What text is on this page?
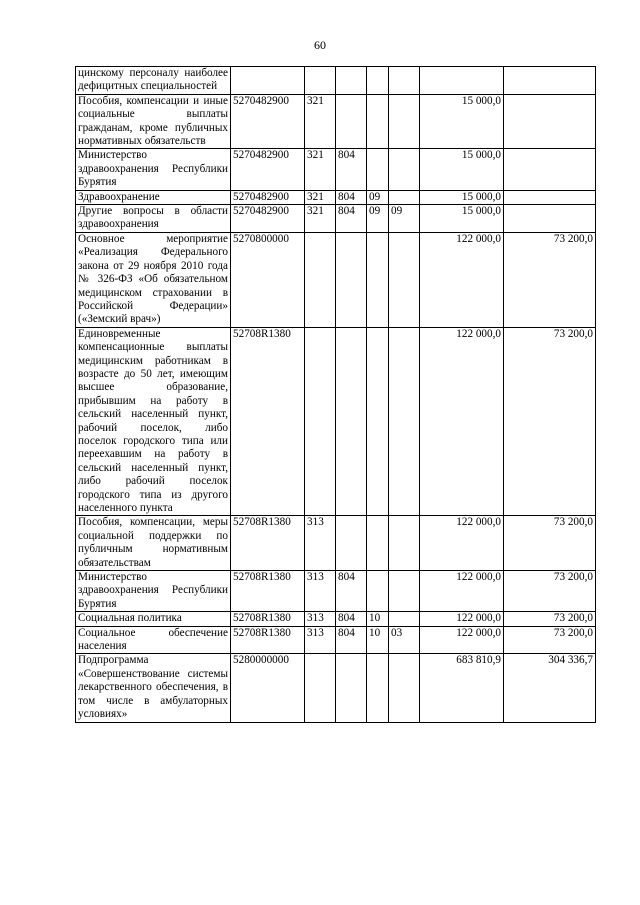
60
цинскому персоналу наиболее дефицитных специальностей							
Пособия, компенсации и иные социальные выплаты гражданам, кроме публичных нормативных обязательств	5270482900	321				15 000,0	
Министерство здравоохранения Республики Бурятия	5270482900	321	804			15 000,0	
Здравоохранение	5270482900	321	804	09		15 000,0	
Другие вопросы в области здравоохранения	5270482900	321	804	09	09	15 000,0	
Основное мероприятие «Реализация Федерального закона от 29 ноября 2010 года № 326-ФЗ «Об обязательном медицинском страховании в Российской Федерации» («Земский врач»)	5270800000					122 000,0	73 200,0
Единовременные компенсационные выплаты медицинским работникам в возрасте до 50 лет, имеющим высшее образование, прибывшим на работу в сельский населенный пункт, рабочий поселок, либо поселок городского типа или переехавшим на работу в сельский населенный пункт, либо рабочий поселок городского типа из другого населенного пункта	52708R1380					122 000,0	73 200,0
Пособия, компенсации, меры социальной поддержки по публичным нормативным обязательствам	52708R1380	313				122 000,0	73 200,0
Министерство здравоохранения Республики Бурятия	52708R1380	313	804			122 000,0	73 200,0
Социальная политика	52708R1380	313	804	10		122 000,0	73 200,0
Социальное обеспечение населения	52708R1380	313	804	10	03	122 000,0	73 200,0
Подпрограмма «Совершенствование системы лекарственного обеспечения, в том числе в амбулаторных условиях»	5280000000					683 810,9	304 336,7
